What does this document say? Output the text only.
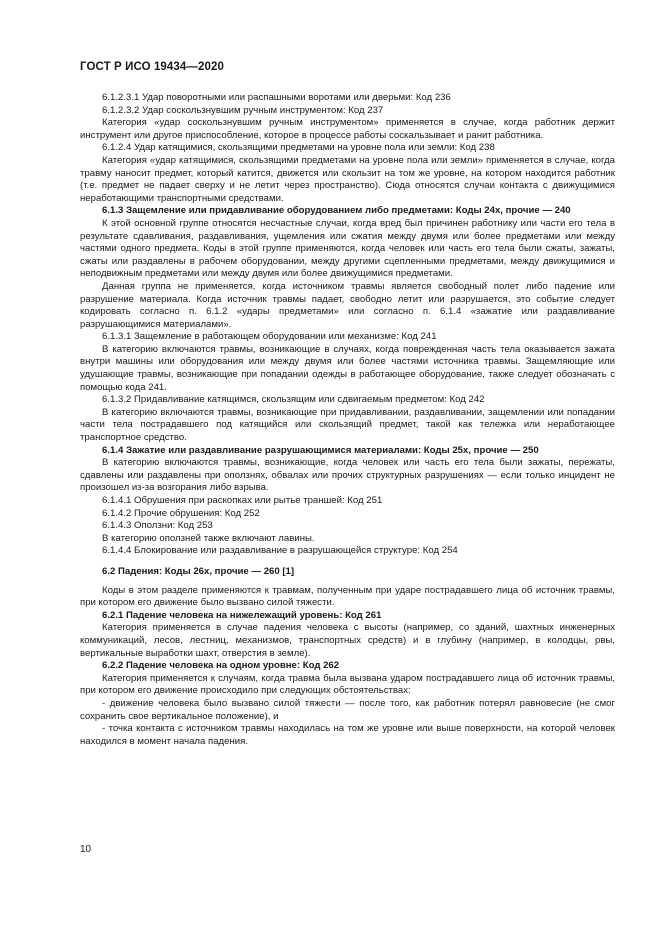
ГОСТ Р ИСО 19434—2020

6.1.2.3.1 Удар поворотными или распашными воротами или дверьми: Код 236

6.1.2.3.2 Удар соскользнувшим ручным инструментом: Код 237

Категория «удар соскользнувшим ручным инструментом» применяется в случае, когда работник держит инструмент или другое приспособление, которое в процессе работы соскальзывает и ранит работника.

6.1.2.4 Удар катящимися, скользящими предметами на уровне пола или земли: Код 238

Категория «удар катящимися, скользящими предметами на уровне пола или земли» применяется в случае, когда травму наносит предмет, который катится, движется или скользит на том же уровне, на котором находится работник (т.е. предмет не падает сверху и не летит через пространство). Сюда относятся случаи контакта с движущимися неработающими транспортными средствами.

6.1.3 Защемление или придавливание оборудованием либо предметами: Коды 24х, прочие — 240

К этой основной группе относятся несчастные случаи, когда вред был причинен работнику или части его тела в результате сдавливания, раздавливания, ущемления или сжатия между двумя или более предметами или между частями одного предмета. Коды в этой группе применяются, когда человек или часть его тела были сжаты, зажаты, сжаты или раздавлены в рабочем оборудовании, между другими сцепленными предметами, между движущимися и неподвижным предметами или между двумя или более движущимися предметами.

Данная группа не применяется, когда источником травмы является свободный полет либо падение или разрушение материала. Когда источник травмы падает, свободно летит или разрушается, это событие следует кодировать согласно п. 6.1.2 «удары предметами» или согласно п. 6.1.4 «зажатие или раздавливание разрушающимися материалами».

6.1.3.1 Защемление в работающем оборудовании или механизме: Код 241

В категорию включаются травмы, возникающие в случаях, когда поврежденная часть тела оказывается зажата внутри машины или оборудования или между двумя или более частями источника травмы. Защемляющие или удушающие травмы, возникающие при попадании одежды в работающее оборудование, также следует обозначать с помощью кода 241.

6.1.3.2 Придавливание катящимся, скользящим или сдвигаемым предметом: Код 242

В категорию включаются травмы, возникающие при придавливании, раздавливании, защемлении или попадании части тела пострадавшего под катящийся или скользящий предмет, такой как тележка или неработающее транспортное средство.

6.1.4 Зажатие или раздавливание разрушающимися материалами: Коды 25х, прочие — 250

В категорию включаются травмы, возникающие, когда человек или часть его тела были зажаты, пережаты, сдавлены или раздавлены при оползнях, обвалах или прочих структурных разрушениях — если только инцидент не произошел из-за возгорания либо взрыва.

6.1.4.1 Обрушения при раскопках или рытье траншей: Код 251

6.1.4.2 Прочие обрушения: Код 252

6.1.4.3 Оползни: Код 253

В категорию оползней также включают лавины.

6.1.4.4 Блокирование или раздавливание в разрушающейся структуре: Код 254

6.2 Падения: Коды 26х, прочие — 260 [1]

Коды в этом разделе применяются к травмам, полученным при ударе пострадавшего лица об источник травмы, при котором его движение было вызвано силой тяжести.

6.2.1 Падение человека на нижележащий уровень: Код 261

Категория применяется в случае падения человека с высоты (например, со зданий, шахтных инженерных коммуникаций, лесов, лестниц, механизмов, транспортных средств) и в глубину (например, в колодцы, рвы, вертикальные выработки шахт, отверстия в земле).

6.2.2 Падение человека на одном уровне: Код 262

Категория применяется к случаям, когда травма была вызвана ударом пострадавшего лица об источник травмы, при котором его движение происходило при следующих обстоятельствах:

- движение человека было вызвано силой тяжести — после того, как работник потерял равновесие (не смог сохранить свое вертикальное положение), и

- точка контакта с источником травмы находилась на том же уровне или выше поверхности, на которой человек находился в момент начала падения.

10
